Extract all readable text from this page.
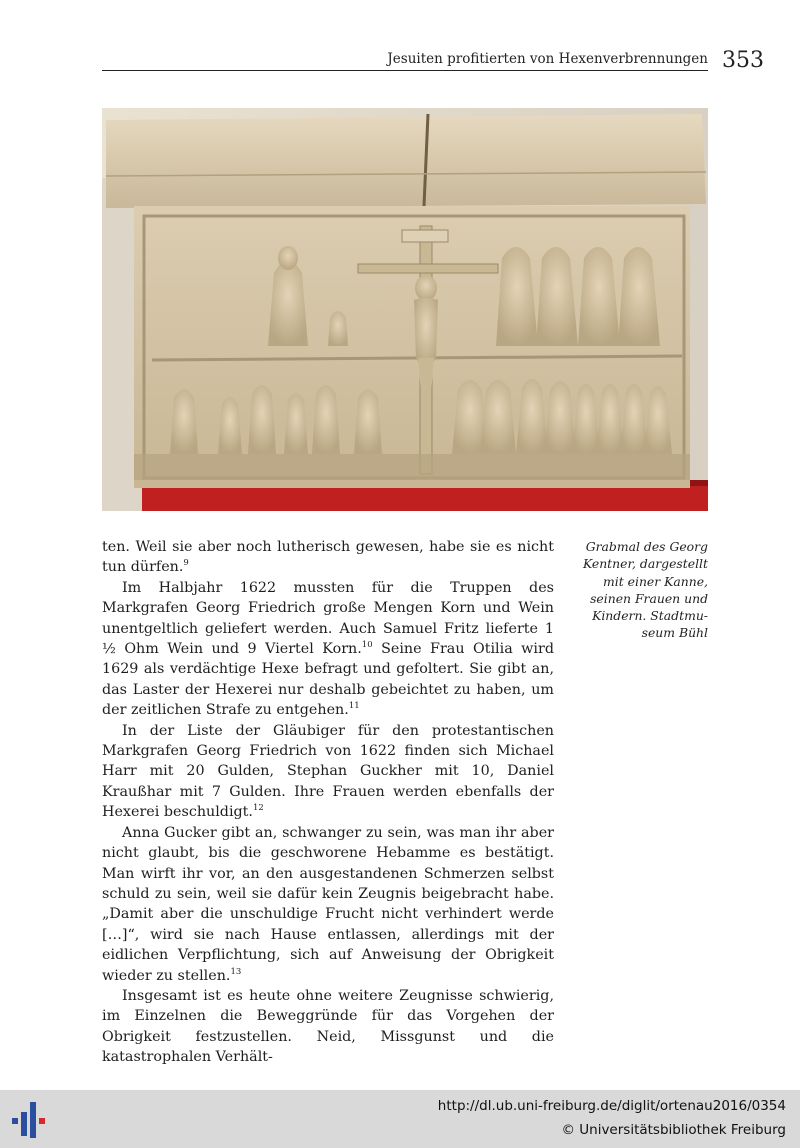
Jesuiten profitierten von Hexenverbrennungen 353

ten. Weil sie aber noch lutherisch gewesen, habe sie es nicht tun dürfen.$^9$

Im Halbjahr 1622 mussten für die Truppen des Markgrafen Georg Friedrich große Mengen Korn und Wein unentgeltlich geliefert werden. Auch Samuel Fritz lieferte 1 ½ Ohm Wein und 9 Viertel Korn.$^{10}$ Seine Frau Otilia wird 1629 als verdächtige Hexe befragt und gefoltert. Sie gibt an, das Laster der Hexerei nur deshalb gebeichtet zu haben, um der zeitlichen Strafe zu entgehen.$^{11}$

In der Liste der Gläubiger für den protestantischen Markgrafen Georg Friedrich von 1622 finden sich Michael Harr mit 20 Gulden, Stephan Guckher mit 10, Daniel Kraußhar mit 7 Gulden. Ihre Frauen werden ebenfalls der Hexerei beschuldigt.$^{12}$

Anna Gucker gibt an, schwanger zu sein, was man ihr aber nicht glaubt, bis die geschworene Hebamme es bestätigt. Man wirft ihr vor, an den ausgestandenen Schmerzen selbst schuld zu sein, weil sie dafür kein Zeugnis beigebracht habe. „Damit aber die unschuldige Frucht nicht verhindert werde […]“, wird sie nach Hause entlassen, allerdings mit der eidlichen Verpflichtung, sich auf Anweisung der Obrigkeit wieder zu stellen.$^{13}$

Insgesamt ist es heute ohne weitere Zeugnisse schwierig, im Einzelnen die Beweggründe für das Vorgehen der Obrigkeit festzustellen. Neid, Missgunst und die katastrophalen Verhält-

Grabmal des Georg
Kentner, dargestellt
mit einer Kanne,
seinen Frauen und
Kindern. Stadtmu-
seum Bühl
http://dl.ub.uni-freiburg.de/diglit/ortenau2016/0354
© Universitätsbibliothek Freiburg
